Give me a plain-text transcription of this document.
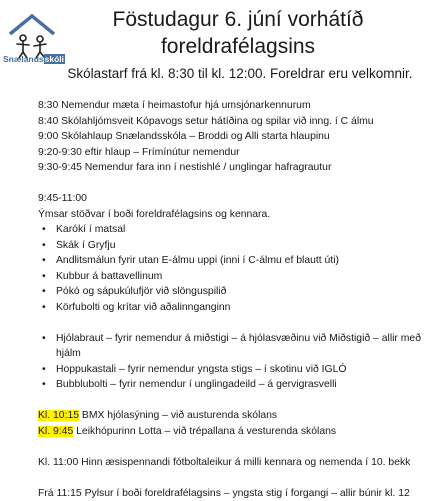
Snælandsskóli
Föstudagur 6. júní vorhátíð foreldrafélagsins
Skólastarf frá kl. 8:30 til kl. 12:00. Foreldrar eru velkomnir.
8:30 Nemendur mæta í heimastofur hjá umsjónarkennurum
8:40 Skólahljómsveit Kópavogs setur hátíðina og spilar við inng. í C álmu
9:00 Skólahlaup Snælandsskóla – Broddi og Alli starta hlaupinu
9:20-9:30 eftir hlaup – Frímínútur nemendur
9:30-9:45 Nemendur fara inn í nestishlé / unglingar hafragrautur
9:45-11:00
Ýmsar stöðvar í boði foreldrafélagsins og kennara.
• Karókí í matsal
• Skák í Gryfju
• Andlitsmálun fyrir utan E-álmu uppi (inni í C-álmu ef blautt úti)
• Kubbur á battavellinum
• Pókó og sápukúlufjör við slönguspilið
• Körfubolti og krítar við aðalinnganginn
• Hjólabraut – fyrir nemendur á miðstigi – á hjólasvæðinu við Miðstigið – allir með hjálm
• Hoppukastali – fyrir nemendur yngsta stigs – í skotinu við IGLÓ
• Bubblubolti – fyrir nemendur í unglingadeild – á gervigrasvelli
Kl. 10:15 BMX hjólasýning – við austurenda skólans
Kl. 9:45 Leikhópurinn Lotta – við trépallana á vesturenda skólans
Kl. 11:00 Hinn æsispennandi fótboltaleikur á milli kennara og nemenda í 10. bekk
Frá 11:15 Pylsur í boði foreldrafélagsins – yngsta stig í forgangi – allir búnir kl. 12
